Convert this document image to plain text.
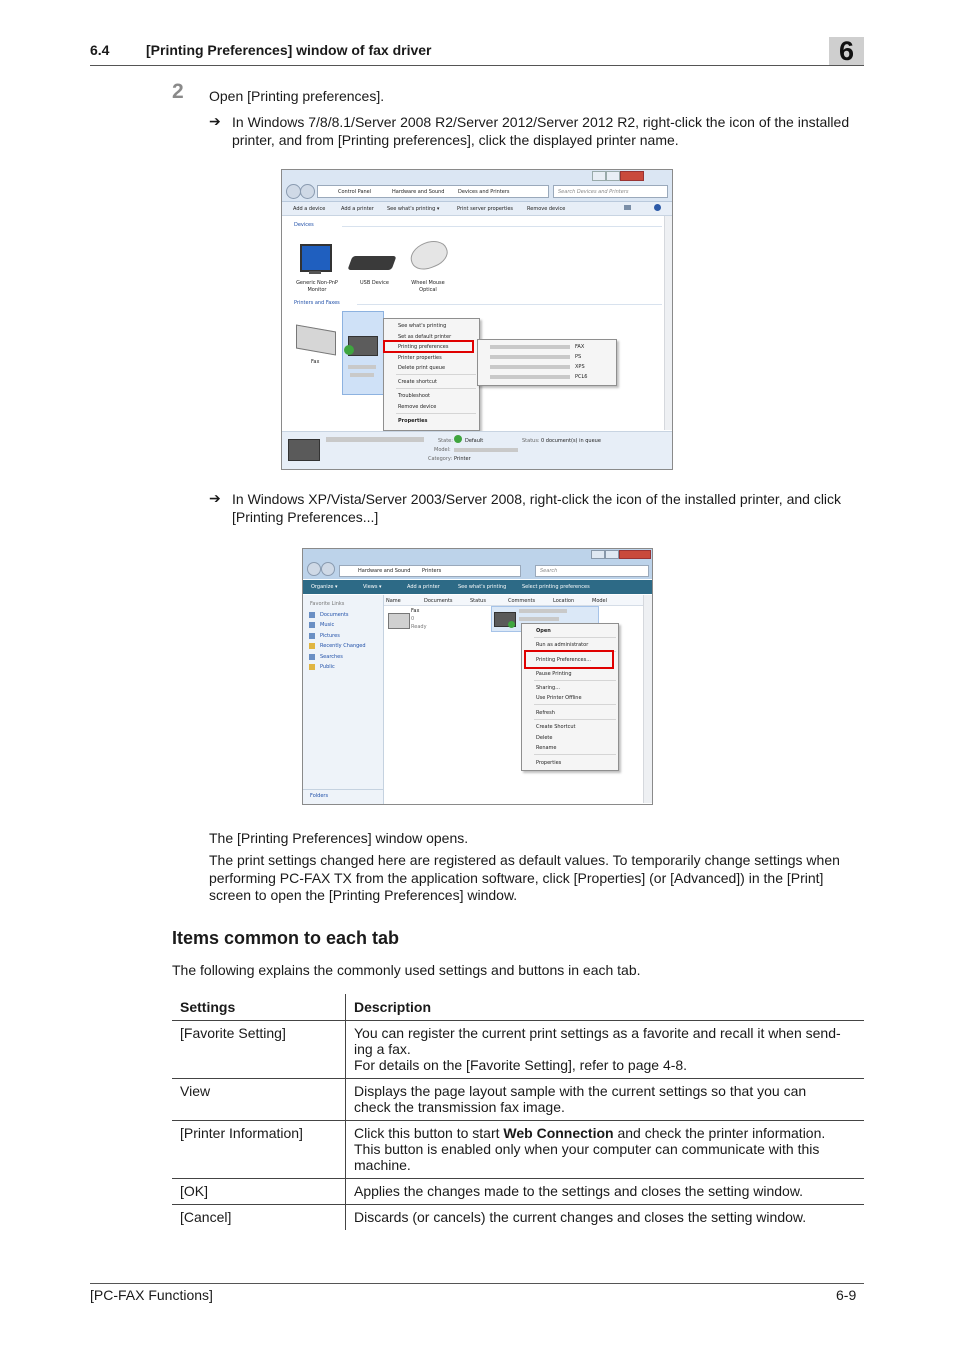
6.4	[Printing Preferences] window of fax driver	6
2 Open [Printing preferences].
➔ In Windows 7/8/8.1/Server 2008 R2/Server 2012/Server 2012 R2, right-click the icon of the installed
printer, and from [Printing preferences], click the displayed printer name.
Control Panel	Hardware and Sound	Devices and Printers	Search Devices and Printers
Add a device	Add a printer	See what's printing ▾	Print server properties	Remove device
Devices
Generic Non-PnP
Monitor
USB Device	Wheel Mouse
Optical
Printers and Faxes
Fax
See what's printing
Set as default printer
Printing preferences
Printer properties
Delete print queue
Create shortcut
Troubleshoot
Remove device
Properties
FAX
PS
XPS
PCL6
State: Default	Status: 0 document(s) in queue
Model:
Category: Printer
➔ In Windows XP/Vista/Server 2003/Server 2008, right-click the icon of the installed printer, and click
[Printing Preferences...]
Hardware and Sound Printers	Search
Organize ▾	Views ▾	Add a printer	See what's printing	Select printing preferences
Favorite Links
Documents
Music
Pictures
Recently Changed
Searches
Public
Folders
Name	Documents	Status	Comments	Location	Model
Fax
0
Ready
Open
Run as administrator
Printing Preferences...
Pause Printing
Sharing...
Use Printer Offline
Refresh
Create Shortcut
Delete
Rename
Properties
The [Printing Preferences] window opens.
The print settings changed here are registered as default values. To temporarily change settings when
performing PC-FAX TX from the application software, click [Properties] (or [Advanced]) in the [Print]
screen to open the [Printing Preferences] window.
Items common to each tab
The following explains the commonly used settings and buttons in each tab.
Settings	Description
[Favorite Setting]	You can register the current print settings as a favorite and recall it when send-
ing a fax.
For details on the [Favorite Setting], refer to page 4-8.

View	Displays the page layout sample with the current settings so that you can
check the transmission fax image.

[Printer Information]	Click this button to start Web Connection and check the printer information.
This button is enabled only when your computer can communicate with this
machine.

[OK]	Applies the changes made to the settings and closes the setting window.

[Cancel]	Discards (or cancels) the current changes and closes the setting window.
[PC-FAX Functions]	6-9
